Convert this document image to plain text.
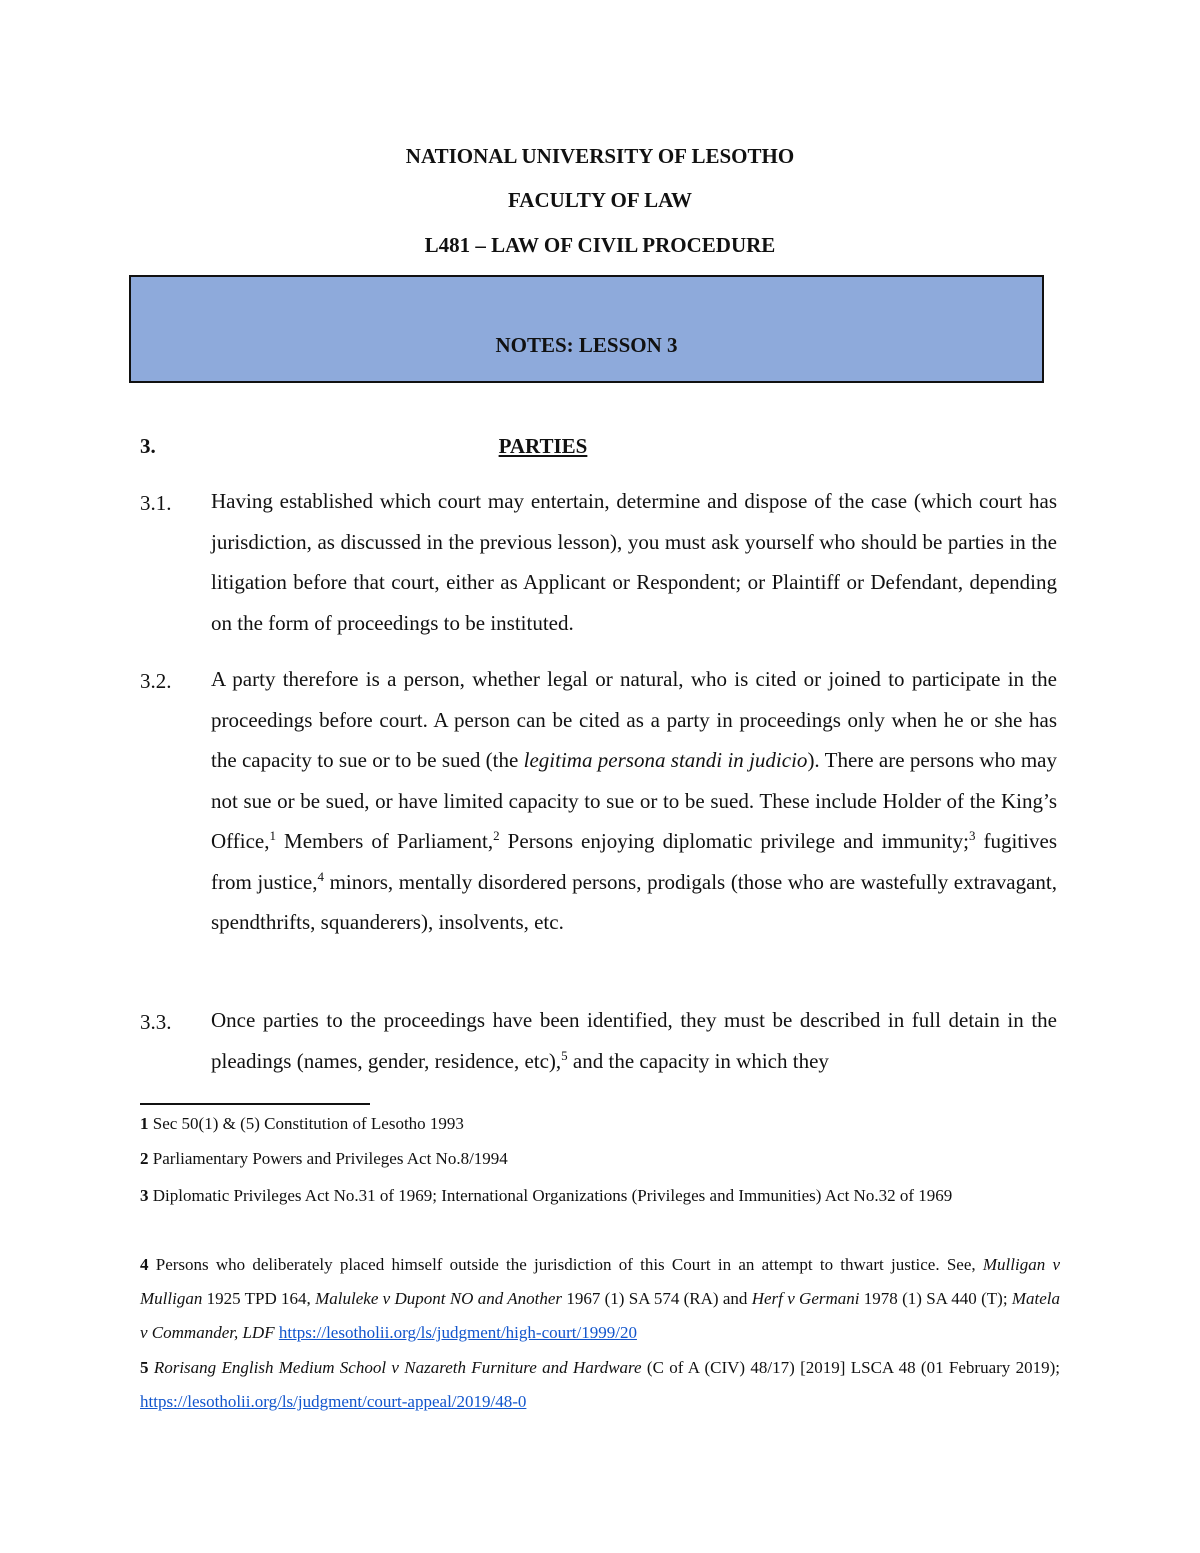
NATIONAL UNIVERSITY OF LESOTHO
FACULTY OF LAW
L481 – LAW OF CIVIL PROCEDURE
NOTES: LESSON 3
3.	PARTIES
3.1. Having established which court may entertain, determine and dispose of the case (which court has jurisdiction, as discussed in the previous lesson), you must ask yourself who should be parties in the litigation before that court, either as Applicant or Respondent; or Plaintiff or Defendant, depending on the form of proceedings to be instituted.
3.2. A party therefore is a person, whether legal or natural, who is cited or joined to participate in the proceedings before court. A person can be cited as a party in proceedings only when he or she has the capacity to sue or to be sued (the legitima persona standi in judicio). There are persons who may not sue or be sued, or have limited capacity to sue or to be sued. These include Holder of the King’s Office,$^1$ Members of Parliament,$^2$ Persons enjoying diplomatic privilege and immunity;$^3$ fugitives from justice,$^4$ minors, mentally disordered persons, prodigals (those who are wastefully extravagant, spendthrifts, squanderers), insolvents, etc.
3.3. Once parties to the proceedings have been identified, they must be described in full detain in the pleadings (names, gender, residence, etc),$^5$ and the capacity in which they
1 Sec 50(1) & (5) Constitution of Lesotho 1993
2 Parliamentary Powers and Privileges Act No.8/1994
3 Diplomatic Privileges Act No.31 of 1969; International Organizations (Privileges and Immunities) Act No.32 of 1969
4 Persons who deliberately placed himself outside the jurisdiction of this Court in an attempt to thwart justice. See, Mulligan v Mulligan 1925 TPD 164, Maluleke v Dupont NO and Another 1967 (1) SA 574 (RA) and Herf v Germani 1978 (1) SA 440 (T); Matela v Commander, LDF https://lesotholii.org/ls/judgment/high-court/1999/20
5 Rorisang English Medium School v Nazareth Furniture and Hardware (C of A (CIV) 48/17) [2019] LSCA 48 (01 February 2019); https://lesotholii.org/ls/judgment/court-appeal/2019/48-0
